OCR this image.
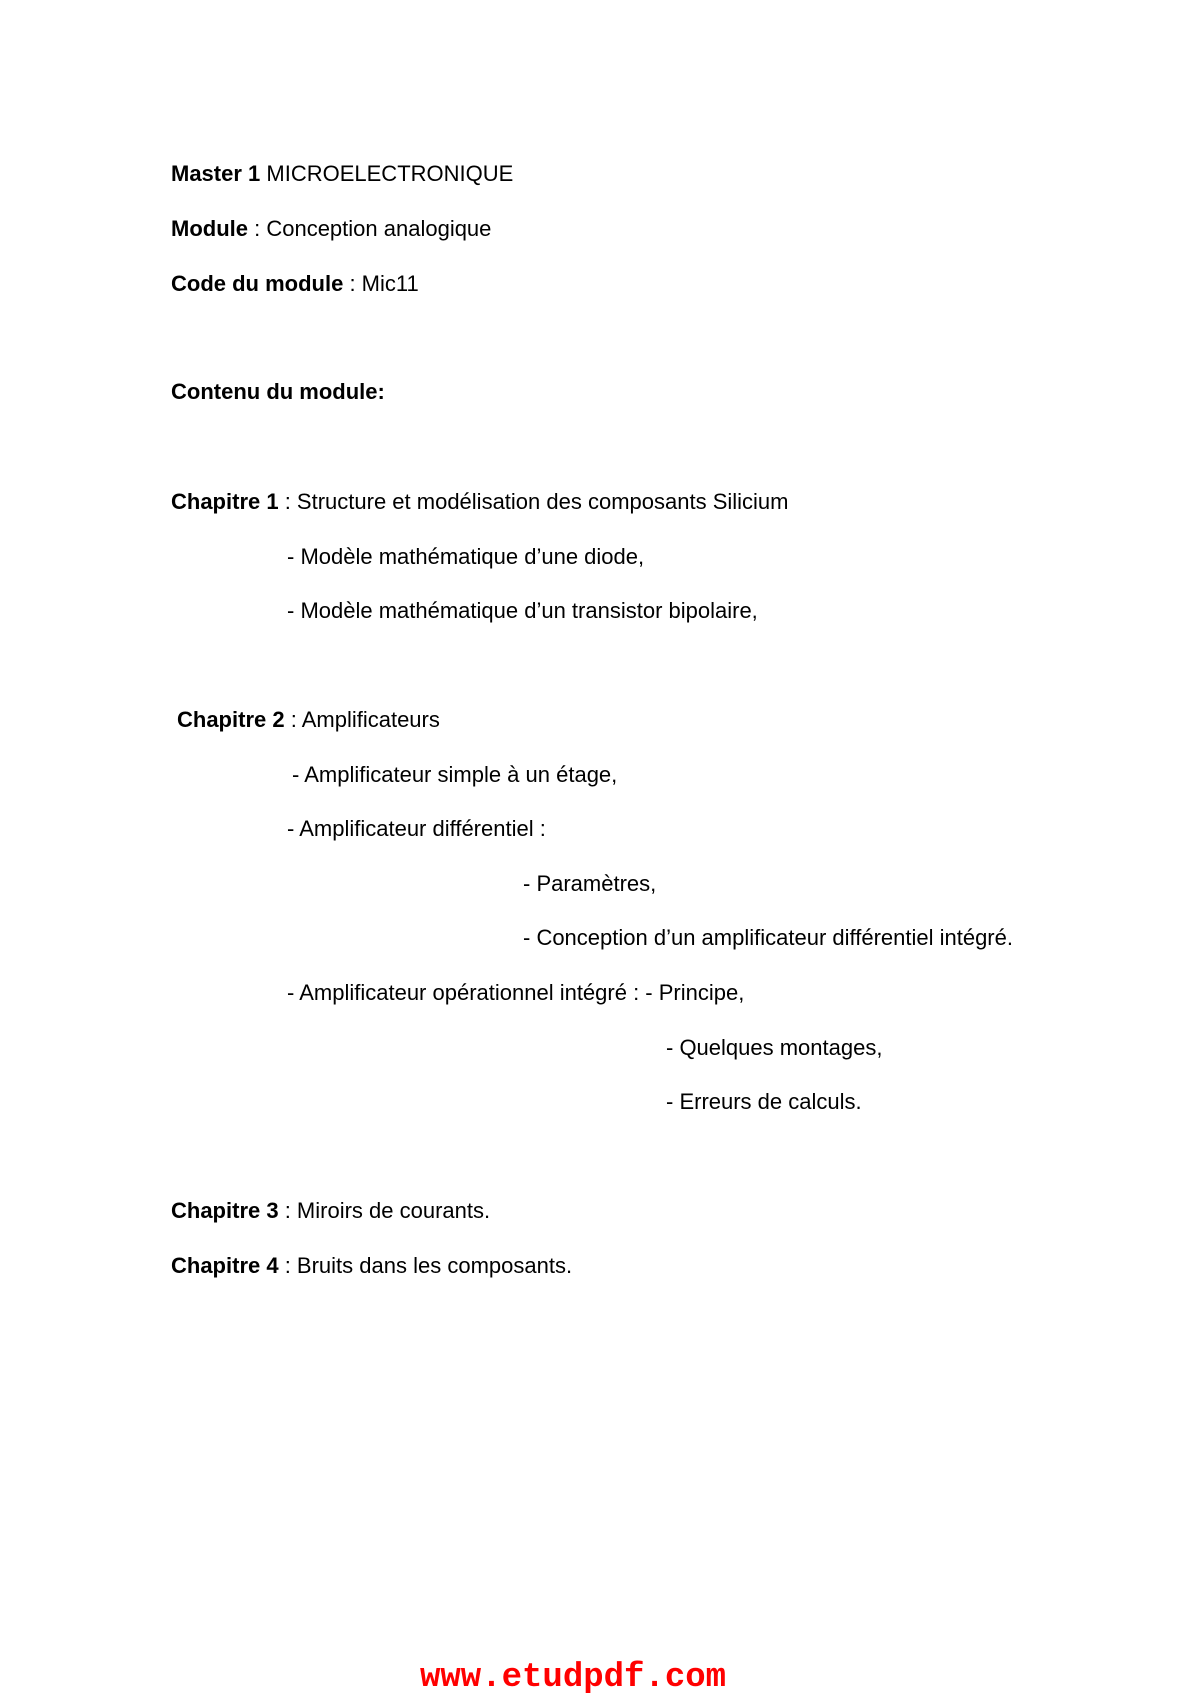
Master 1 MICROELECTRONIQUE
Module : Conception analogique
Code du module : Mic11
Contenu du module:
Chapitre 1 : Structure et modélisation des composants Silicium
- Modèle mathématique d’une diode,
- Modèle mathématique d’un transistor bipolaire,
Chapitre 2 : Amplificateurs
- Amplificateur simple à un étage,
- Amplificateur différentiel :
- Paramètres,
- Conception d’un amplificateur différentiel intégré.
- Amplificateur opérationnel intégré : - Principe,
- Quelques montages,
- Erreurs de calculs.
Chapitre 3 : Miroirs de courants.
Chapitre 4 : Bruits dans les composants.
www.etudpdf.com
